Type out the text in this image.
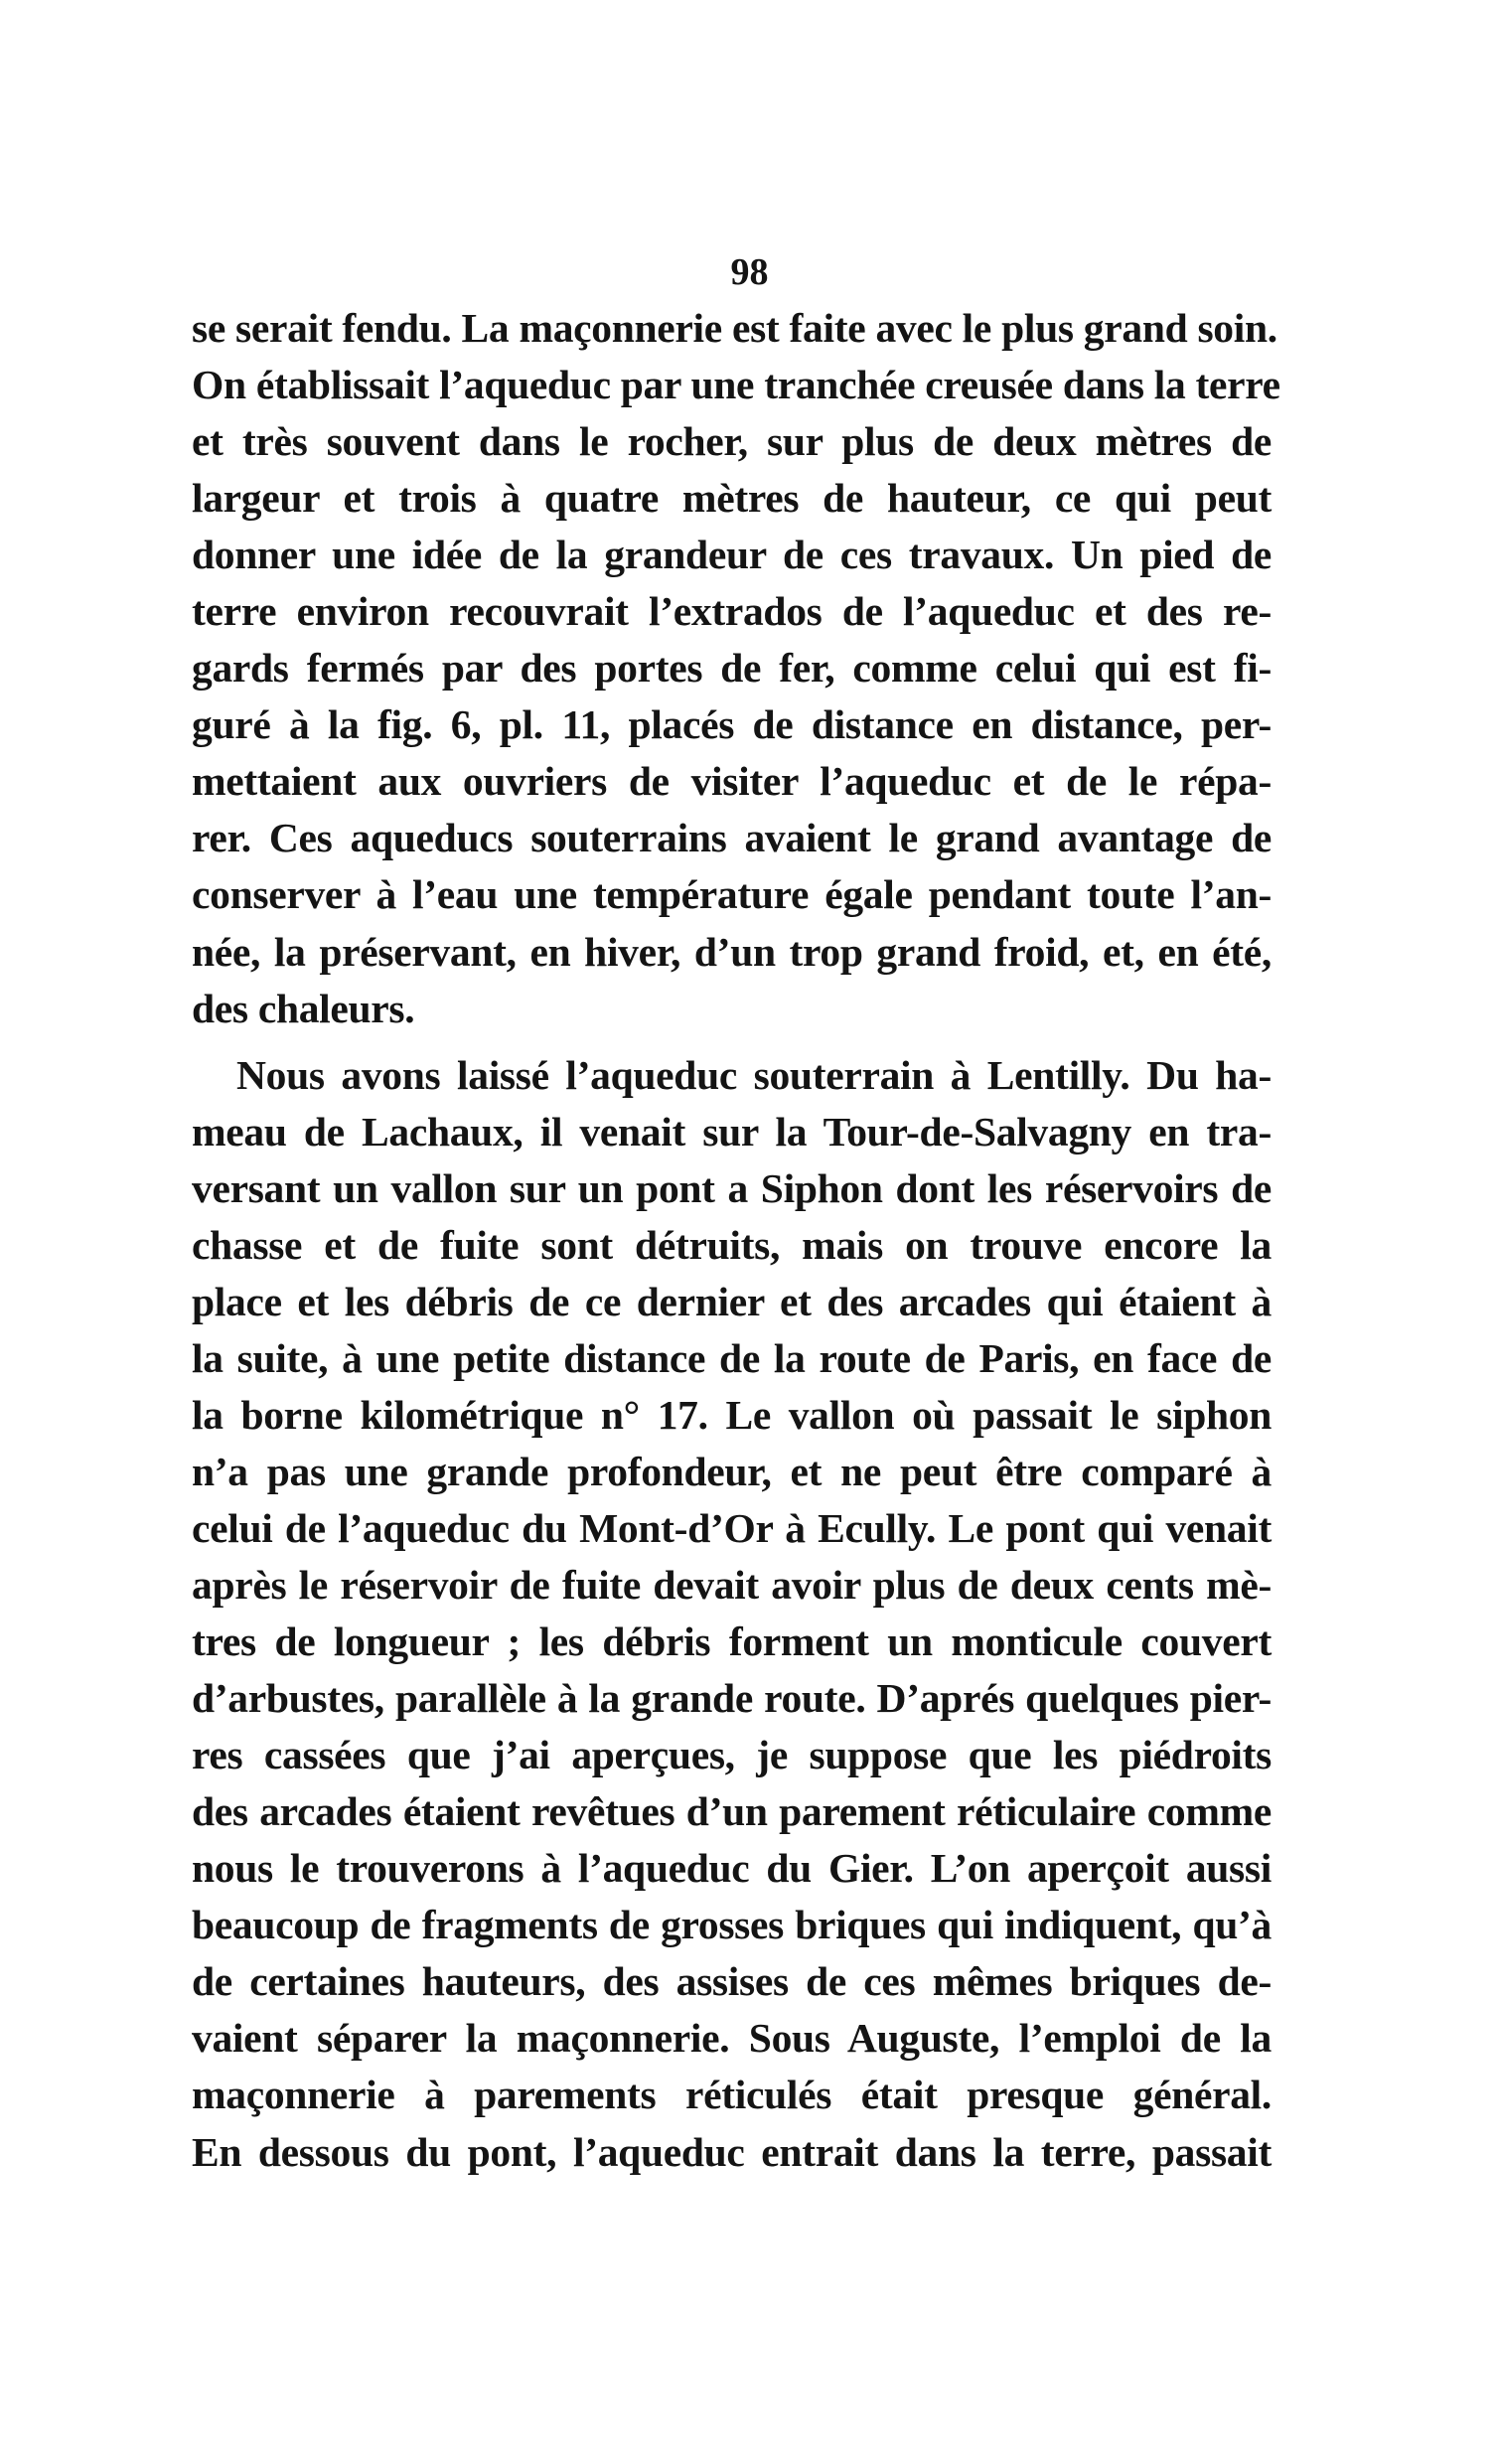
98
se serait fendu. La maçonnerie est faite avec le plus grand soin.
On établissait l’aqueduc par une tranchée creusée dans la terre
et très souvent dans le rocher, sur plus de deux mètres de
largeur et trois à quatre mètres de hauteur, ce qui peut
donner une idée de la grandeur de ces travaux. Un pied de
terre environ recouvrait l’extrados de l’aqueduc et des re-
gards fermés par des portes de fer, comme celui qui est fi-
guré à la fig. 6, pl. 11, placés de distance en distance, per-
mettaient aux ouvriers de visiter l’aqueduc et de le répa-
rer. Ces aqueducs souterrains avaient le grand avantage de
conserver à l’eau une température égale pendant toute l’an-
née, la préservant, en hiver, d’un trop grand froid, et, en été,
des chaleurs.
Nous avons laissé l’aqueduc souterrain à Lentilly. Du ha-
meau de Lachaux, il venait sur la Tour-de-Salvagny en tra-
versant un vallon sur un pont a Siphon dont les réservoirs de
chasse et de fuite sont détruits, mais on trouve encore la
place et les débris de ce dernier et des arcades qui étaient à
la suite, à une petite distance de la route de Paris, en face de
la borne kilométrique n° 17. Le vallon où passait le siphon
n’a pas une grande profondeur, et ne peut être comparé à
celui de l’aqueduc du Mont-d’Or à Ecully. Le pont qui venait
après le réservoir de fuite devait avoir plus de deux cents mè-
tres de longueur ; les débris forment un monticule couvert
d’arbustes, parallèle à la grande route. D’aprés quelques pier-
res cassées que j’ai aperçues, je suppose que les piédroits
des arcades étaient revêtues d’un parement réticulaire comme
nous le trouverons à l’aqueduc du Gier. L’on aperçoit aussi
beaucoup de fragments de grosses briques qui indiquent, qu’à
de certaines hauteurs, des assises de ces mêmes briques de-
vaient séparer la maçonnerie. Sous Auguste, l’emploi de la
maçonnerie à parements réticulés était presque général.
En dessous du pont, l’aqueduc entrait dans la terre, passait
